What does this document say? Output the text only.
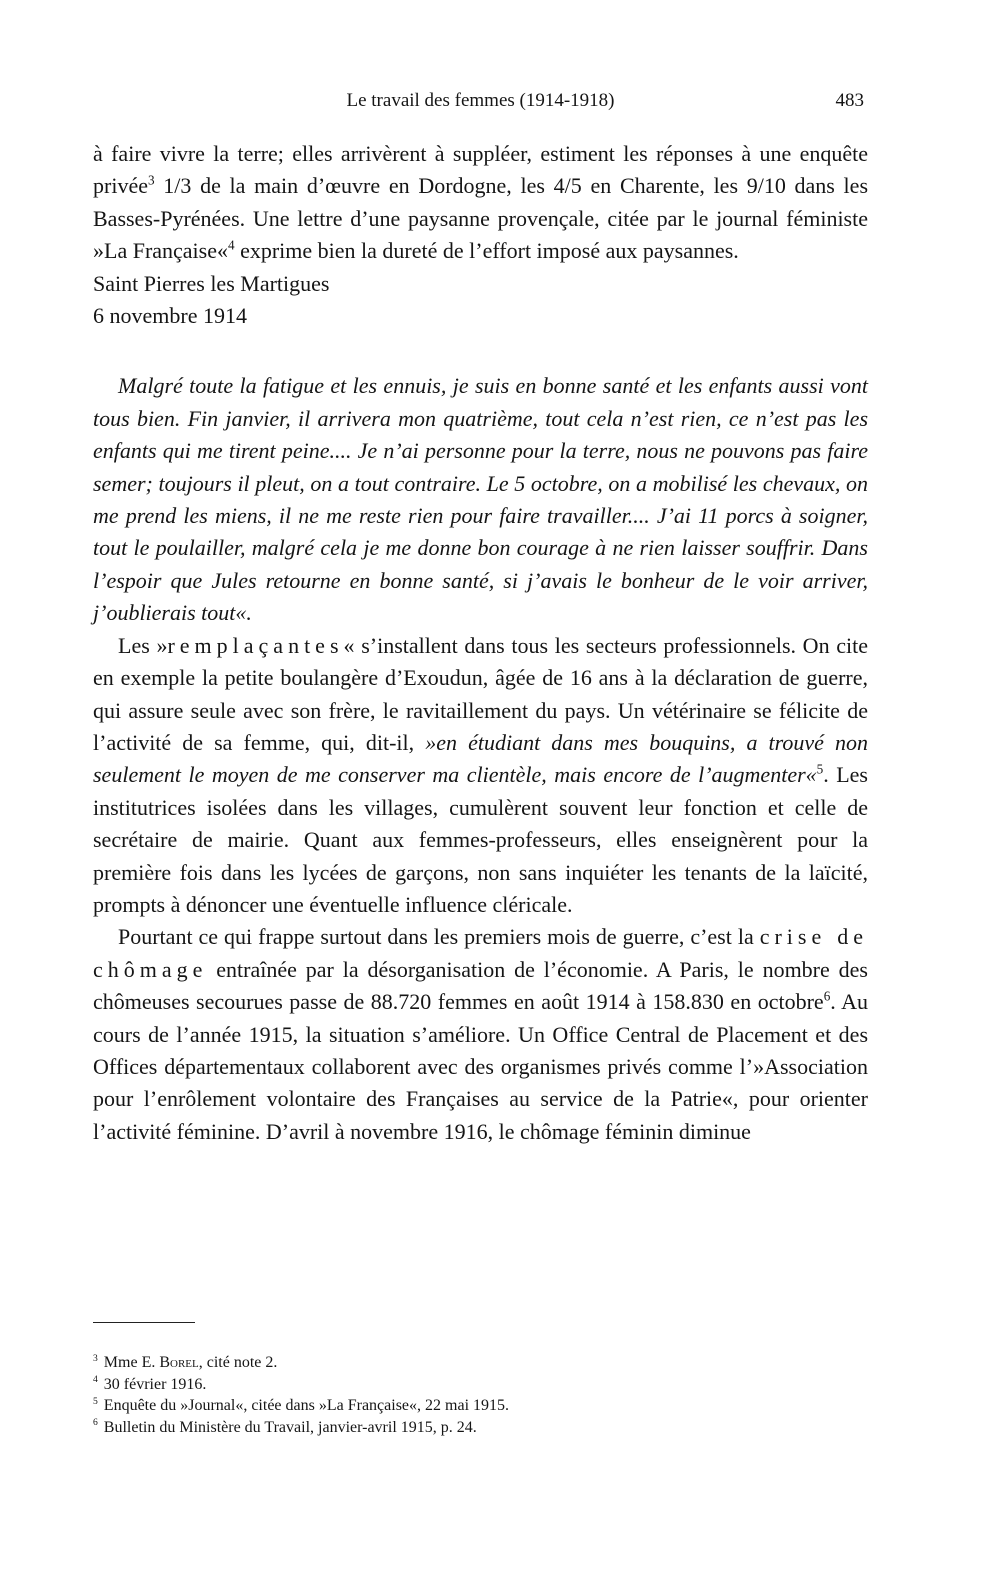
Le travail des femmes (1914-1918)	483

à faire vivre la terre; elles arrivèrent à suppléer, estiment les réponses à une enquête privée$^3$ 1/3 de la main d’œuvre en Dordogne, les 4/5 en Charente, les 9/10 dans les Basses-Pyrénées. Une lettre d’une paysanne provençale, citée par le journal féministe »La Française«$^4$ exprime bien la dureté de l’effort imposé aux paysannes.

Saint Pierres les Martigues
6 novembre 1914

Malgré toute la fatigue et les ennuis, je suis en bonne santé et les enfants aussi vont tous bien. Fin janvier, il arrivera mon quatrième, tout cela n’est rien, ce n’est pas les enfants qui me tirent peine.... Je n’ai personne pour la terre, nous ne pouvons pas faire semer; toujours il pleut, on a tout contraire. Le 5 octobre, on a mobilisé les chevaux, on me prend les miens, il ne me reste rien pour faire travailler.... J’ai 11 porcs à soigner, tout le poulailler, malgré cela je me donne bon courage à ne rien laisser souffrir. Dans l’espoir que Jules retourne en bonne santé, si j’avais le bonheur de le voir arriver, j’oublierais tout«.

Les »remplaçantes« s’installent dans tous les secteurs professionnels. On cite en exemple la petite boulangère d’Exoudun, âgée de 16 ans à la déclaration de guerre, qui assure seule avec son frère, le ravitaillement du pays. Un vétérinaire se félicite de l’activité de sa femme, qui, dit-il, »en étudiant dans mes bouquins, a trouvé non seulement le moyen de me conserver ma clientèle, mais encore de l’augmenter«$^5$. Les institutrices isolées dans les villages, cumulèrent souvent leur fonction et celle de secrétaire de mairie. Quant aux femmes-professeurs, elles enseignèrent pour la première fois dans les lycées de garçons, non sans inquiéter les tenants de la laïcité, prompts à dénoncer une éventuelle influence cléricale.

Pourtant ce qui frappe surtout dans les premiers mois de guerre, c’est la crise de chômage entraînée par la désorganisation de l’économie. A Paris, le nombre des chômeuses secourues passe de 88.720 femmes en août 1914 à 158.830 en octobre$^6$. Au cours de l’année 1915, la situation s’améliore. Un Office Central de Placement et des Offices départementaux collaborent avec des organismes privés comme l’»Association pour l’enrôlement volontaire des Françaises au service de la Patrie«, pour orienter l’activité féminine. D’avril à novembre 1916, le chômage féminin diminue

$^3$ Mme E. Borel, cité note 2.

$^4$ 30 février 1916.

$^5$ Enquête du »Journal«, citée dans »La Française«, 22 mai 1915.

$^6$ Bulletin du Ministère du Travail, janvier-avril 1915, p. 24.
